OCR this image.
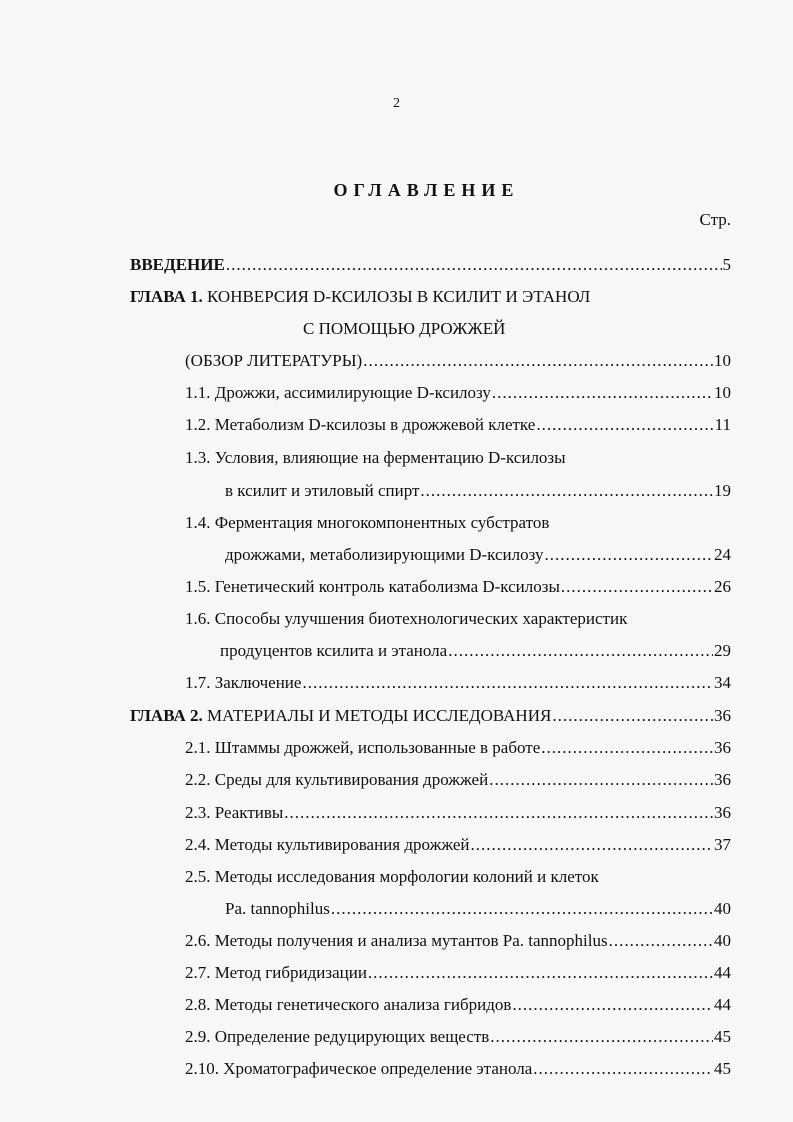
2
ОГЛАВЛЕНИЕ
Стр.
ВВЕДЕНИЕ .....	5
ГЛАВА 1. КОНВЕРСИЯ D-КСИЛОЗЫ В КСИЛИТ И ЭТАНОЛ
С ПОМОЩЬЮ ДРОЖЖЕЙ
(ОБЗОР ЛИТЕРАТУРЫ) .....	10
1.1. Дрожжи, ассимилирующие D-ксилозу .....	10
1.2. Метаболизм D-ксилозы в дрожжевой клетке .....	11
1.3. Условия, влияющие на ферментацию D-ксилозы
в ксилит и этиловый спирт .....	19
1.4. Ферментация многокомпонентных субстратов
дрожжами, метаболизирующими D-ксилозу .....	24
1.5. Генетический контроль катаболизма D-ксилозы .....	26
1.6. Способы улучшения биотехнологических характеристик
продуцентов ксилита и этанола .....	29
1.7. Заключение .....	34
ГЛАВА 2. МАТЕРИАЛЫ И МЕТОДЫ ИССЛЕДОВАНИЯ .....	36
2.1. Штаммы дрожжей, использованные в работе .....	36
2.2. Среды для культивирования дрожжей .....	36
2.3. Реактивы .....	36
2.4. Методы культивирования дрожжей .....	37
2.5. Методы исследования морфологии колоний и клеток
Pa. tannophilus .....	40
2.6. Методы получения и анализа мутантов Pa. tannophilus .....	40
2.7. Метод гибридизации .....	44
2.8. Методы генетического анализа гибридов .....	44
2.9. Определение редуцирующих веществ .....	45
2.10. Хроматографическое определение этанола .....	45
